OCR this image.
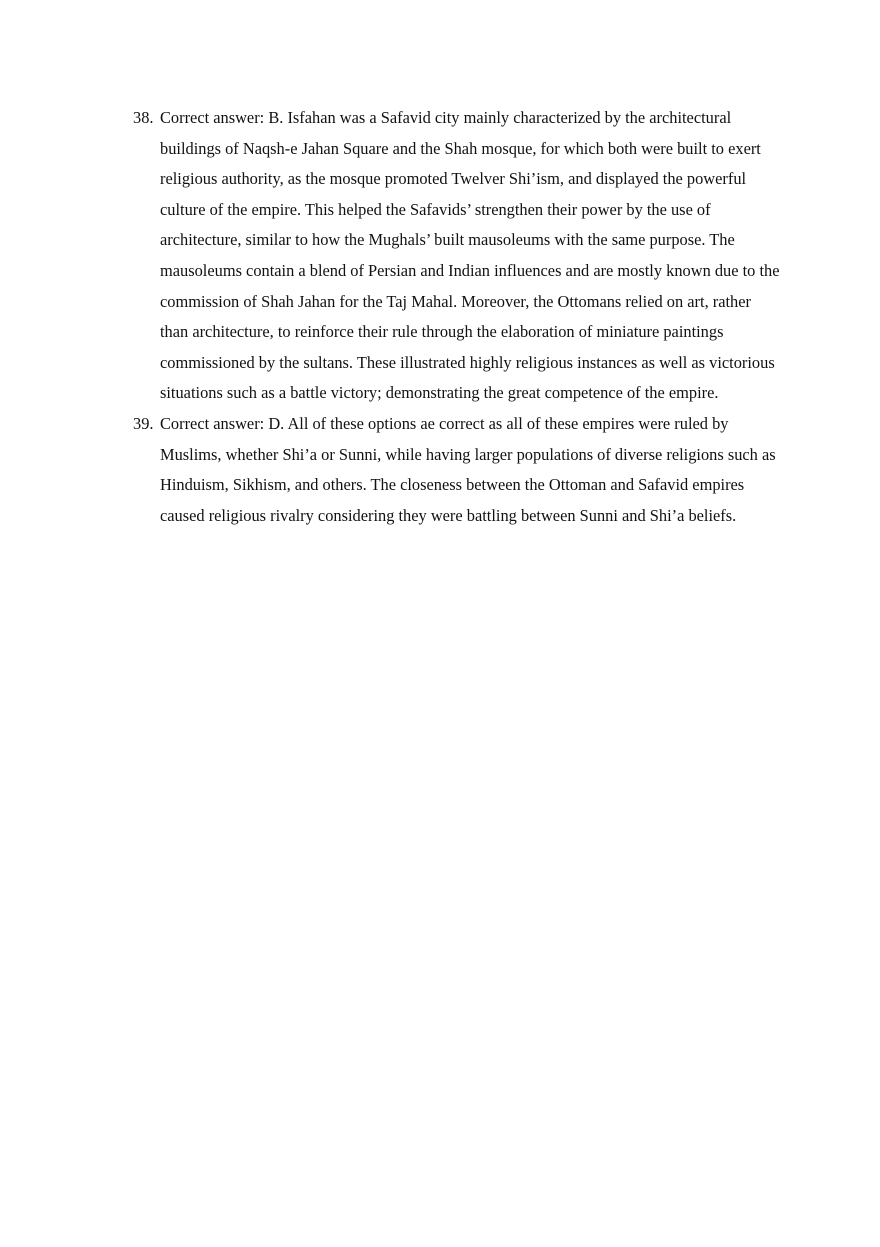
38. Correct answer: B. Isfahan was a Safavid city mainly characterized by the architectural buildings of Naqsh-e Jahan Square and the Shah mosque, for which both were built to exert religious authority, as the mosque promoted Twelver Shi’ism, and displayed the powerful culture of the empire. This helped the Safavids’ strengthen their power by the use of architecture, similar to how the Mughals’ built mausoleums with the same purpose. The mausoleums contain a blend of Persian and Indian influences and are mostly known due to the commission of Shah Jahan for the Taj Mahal. Moreover, the Ottomans relied on art, rather than architecture, to reinforce their rule through the elaboration of miniature paintings commissioned by the sultans. These illustrated highly religious instances as well as victorious situations such as a battle victory; demonstrating the great competence of the empire.
39. Correct answer: D. All of these options ae correct as all of these empires were ruled by Muslims, whether Shi’a or Sunni, while having larger populations of diverse religions such as Hinduism, Sikhism, and others. The closeness between the Ottoman and Safavid empires caused religious rivalry considering they were battling between Sunni and Shi’a beliefs.
